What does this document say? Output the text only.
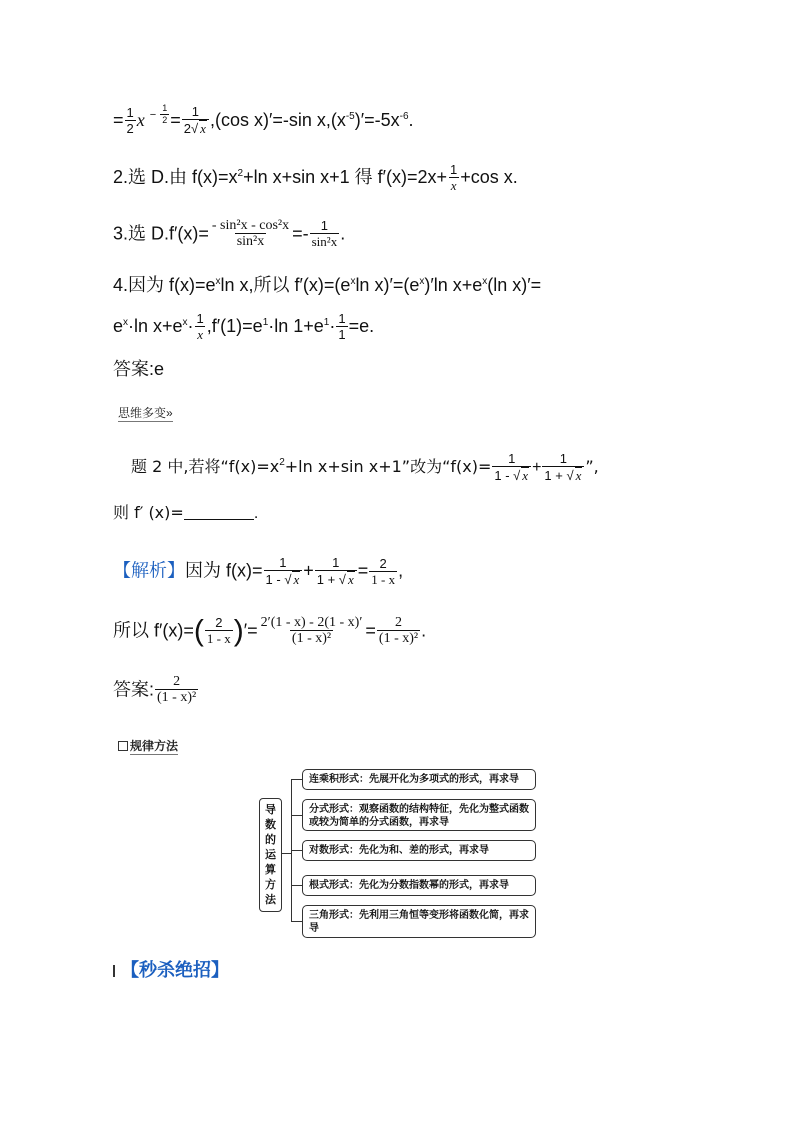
= $\frac{1}{2}$ x $^{- \frac{1}{2}} = \frac{1}{2√ x} ,(\cos$ x)′=-sin $x,(x^{-5})'=-5x^{-6}$.
2.选 D.由 $f(x)=x^2+\ln$ x+sin x+1 得 $f'(x)=2x+ \frac{1}{x} +\cos$ x.
3.选 $D.f'(x)= \frac{\text{- sin²x - cos²x}}{\text{sin²x}} =- \frac{1}{\text{sin²x}}$ .
4.因为 $f(x)=e^x\ln$ x,所以 $f'(x)=(e^x\ln$ $x)'=(e^x)'\ln$ $x+e^x(\ln$ x)′=
$e^x\cdot\ln$ $x+e^x\cdot \frac{1}{x} ,f'(1)=e^1\cdot\ln$ $1+e^1\cdot \frac{1}{1} =e$.
答案:e
思维多变»
题 2 中,若将“$f(x)=x^2+\ln$ x+sin x+1”改为“$f(x)= \frac{1}{1 - √ x} + \frac{1}{1 + √ x}$ ”,
则 f′ (x)=	.
【解析】因为 $f(x)= \frac{1}{1 - √ x} + \frac{1}{1 + √ x} = \frac{2}{1 - x}$ ,
所以 $f'(x)=( \frac{2}{1 - x}$ )′= $\frac{2'(1 - x) - 2(1 - x)'}{\text{(1 - x)²}} = \frac{2}{\text{(1 - x)²}}$ .
答案: $\frac{2}{\text{(1 - x)²}}$
规律方法
导
数
的
运
算
方
法
连乘积形式：先展开化为多项式的形式，再求导
分式形式：观察函数的结构特征，先化为整式函数或较为简单的分式函数，再求导
对数形式：先化为和、差的形式，再求导
根式形式：先化为分数指数幂的形式，再求导
三角形式：先利用三角恒等变形将函数化简，再求导
【秒杀绝招】
